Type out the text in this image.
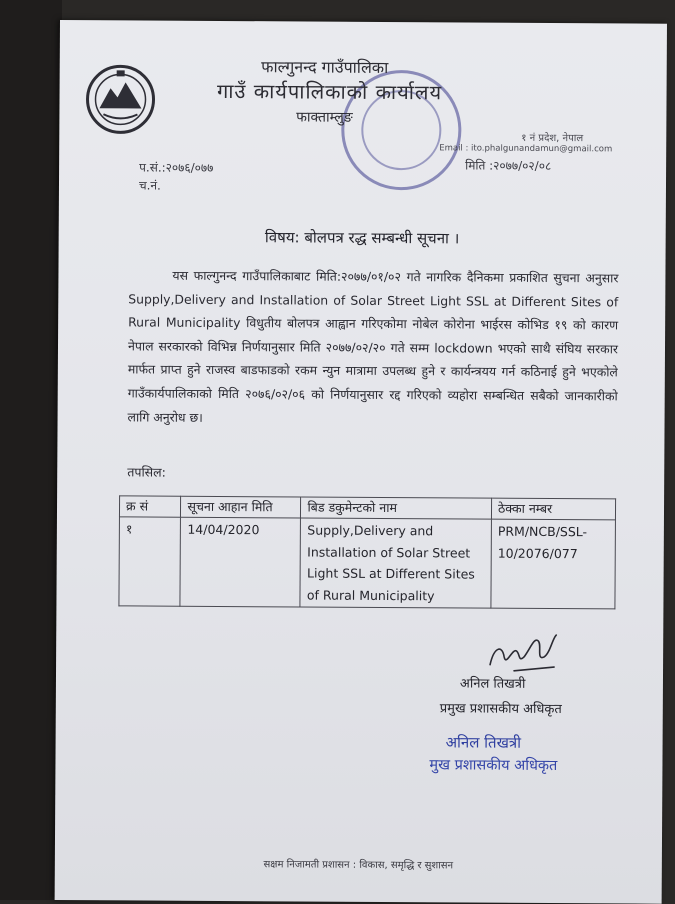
फाल्गुनन्द गाउँपालिका
गाउँ कार्यपालिकाको कार्यालय
फाक्ताम्लुङ
१ नं प्रदेश, नेपाल
Email : ito.phalgunandamun@gmail.com
प.सं.:२०७६/०७७
च.नं.
मिति :२०७७/०२/०८
विषय: बोलपत्र रद्ध सम्बन्धी सूचना ।
यस फाल्गुनन्द गाउँपालिकाबाट मिति:२०७७/०१/०२ गते नागरिक दैनिकमा प्रकाशित सुचना अनुसार Supply,Delivery and Installation of Solar Street Light SSL at Different Sites of Rural Municipality विधुतीय बोलपत्र आह्वान गरिएकोमा नोबेल कोरोना भाईरस कोभिड १९ को कारण नेपाल सरकारको विभिन्न निर्णयानुसार मिति २०७७/०२/२० गते सम्म lockdown भएको साथै संघिय सरकार मार्फत प्राप्त हुने राजस्व बाडफाडको रकम न्युन मात्रामा उपलब्ध हुने र कार्यन्त्रयय गर्न कठिनाई हुने भएकोले गाउँकार्यपालिकाको मिति २०७६/०२/०६ को निर्णयानुसार रद्द गरिएको व्यहोरा सम्बन्धित सबैको जानकारीको लागि अनुरोध छ।
तपसिल:
क्र सं	सूचना आहान मिति	बिड डकुमेन्टको नाम	ठेक्का नम्बर
१	14/04/2020	Supply,Delivery and Installation of Solar Street Light SSL at Different Sites of Rural Municipality	PRM/NCB/SSL-10/2076/077
अनिल तिखत्री
प्रमुख प्रशासकीय अधिकृत
अनिल तिखत्री
मुख प्रशासकीय अधिकृत
सक्षम निजामती प्रशासन : विकास, समृद्धि र सुशासन
